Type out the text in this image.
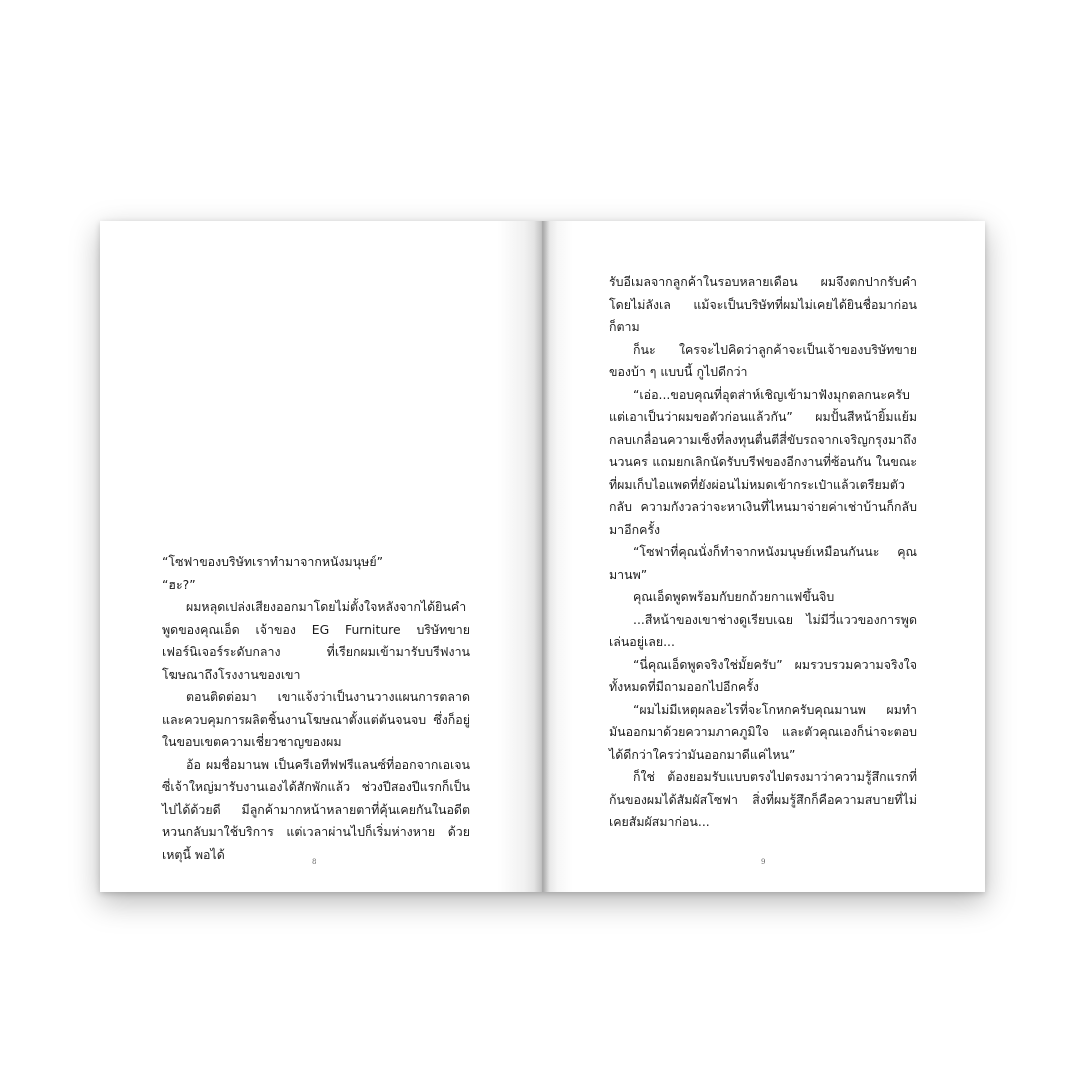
“โซฟาของบริษัทเราทำมาจากหนังมนุษย์”

“ฮะ?”

ผมหลุดเปล่งเสียงออกมาโดยไม่ตั้งใจหลังจากได้ยินคำพูดของคุณเอ็ด เจ้าของ EG Furniture บริษัทขายเฟอร์นิเจอร์ระดับกลาง ที่เรียกผมเข้ามารับบรีฟงานโฆษณาถึงโรงงานของเขา

ตอนติดต่อมา เขาแจ้งว่าเป็นงานวางแผนการตลาดและควบคุมการผลิตชิ้นงานโฆษณาตั้งแต่ต้นจนจบ ซึ่งก็อยู่ในขอบเขตความเชี่ยวชาญของผม

อ้อ ผมชื่อมานพ เป็นครีเอทีฟฟรีแลนซ์ที่ออกจากเอเจนซี่เจ้าใหญ่มารับงานเองได้สักพักแล้ว ช่วงปีสองปีแรกก็เป็นไปได้ด้วยดี มีลูกค้ามากหน้าหลายตาที่คุ้นเคยกันในอดีตหวนกลับมาใช้บริการ แต่เวลาผ่านไปก็เริ่มห่างหาย ด้วยเหตุนี้ พอได้

8

รับอีเมลจากลูกค้าในรอบหลายเดือน ผมจึงตกปากรับคำโดยไม่ลังเล แม้จะเป็นบริษัทที่ผมไม่เคยได้ยินชื่อมาก่อนก็ตาม

ก็นะ ใครจะไปคิดว่าลูกค้าจะเป็นเจ้าของบริษัทขายของบ้า ๆ แบบนี้ กูไปดีกว่า

“เอ่อ...ขอบคุณที่อุตส่าห์เชิญเข้ามาฟังมุกตลกนะครับ แต่เอาเป็นว่าผมขอตัวก่อนแล้วกัน” ผมปั้นสีหน้ายิ้มแย้มกลบเกลื่อนความเซ็งที่ลงทุนตื่นตีสี่ขับรถจากเจริญกรุงมาถึงนวนคร แถมยกเลิกนัดรับบรีฟของอีกงานที่ซ้อนกัน ในขณะที่ผมเก็บไอแพดที่ยังผ่อนไม่หมดเข้ากระเป๋าแล้วเตรียมตัวกลับ ความกังวลว่าจะหาเงินที่ไหนมาจ่ายค่าเช่าบ้านก็กลับมาอีกครั้ง

“โซฟาที่คุณนั่งก็ทำจากหนังมนุษย์เหมือนกันนะ คุณมานพ”

คุณเอ็ดพูดพร้อมกับยกถ้วยกาแฟขึ้นจิบ

...สีหน้าของเขาช่างดูเรียบเฉย ไม่มีวี่แววของการพูดเล่นอยู่เลย...

“นี่คุณเอ็ดพูดจริงใช่มั้ยครับ” ผมรวบรวมความจริงใจทั้งหมดที่มีถามออกไปอีกครั้ง

“ผมไม่มีเหตุผลอะไรที่จะโกหกครับคุณมานพ ผมทำมันออกมาด้วยความภาคภูมิใจ และตัวคุณเองก็น่าจะตอบได้ดีกว่าใครว่ามันออกมาดีแค่ไหน”

ก็ใช่ ต้องยอมรับแบบตรงไปตรงมาว่าความรู้สึกแรกที่ก้นของผมได้สัมผัสโซฟา สิ่งที่ผมรู้สึกก็คือความสบายที่ไม่เคยสัมผัสมาก่อน...

9
